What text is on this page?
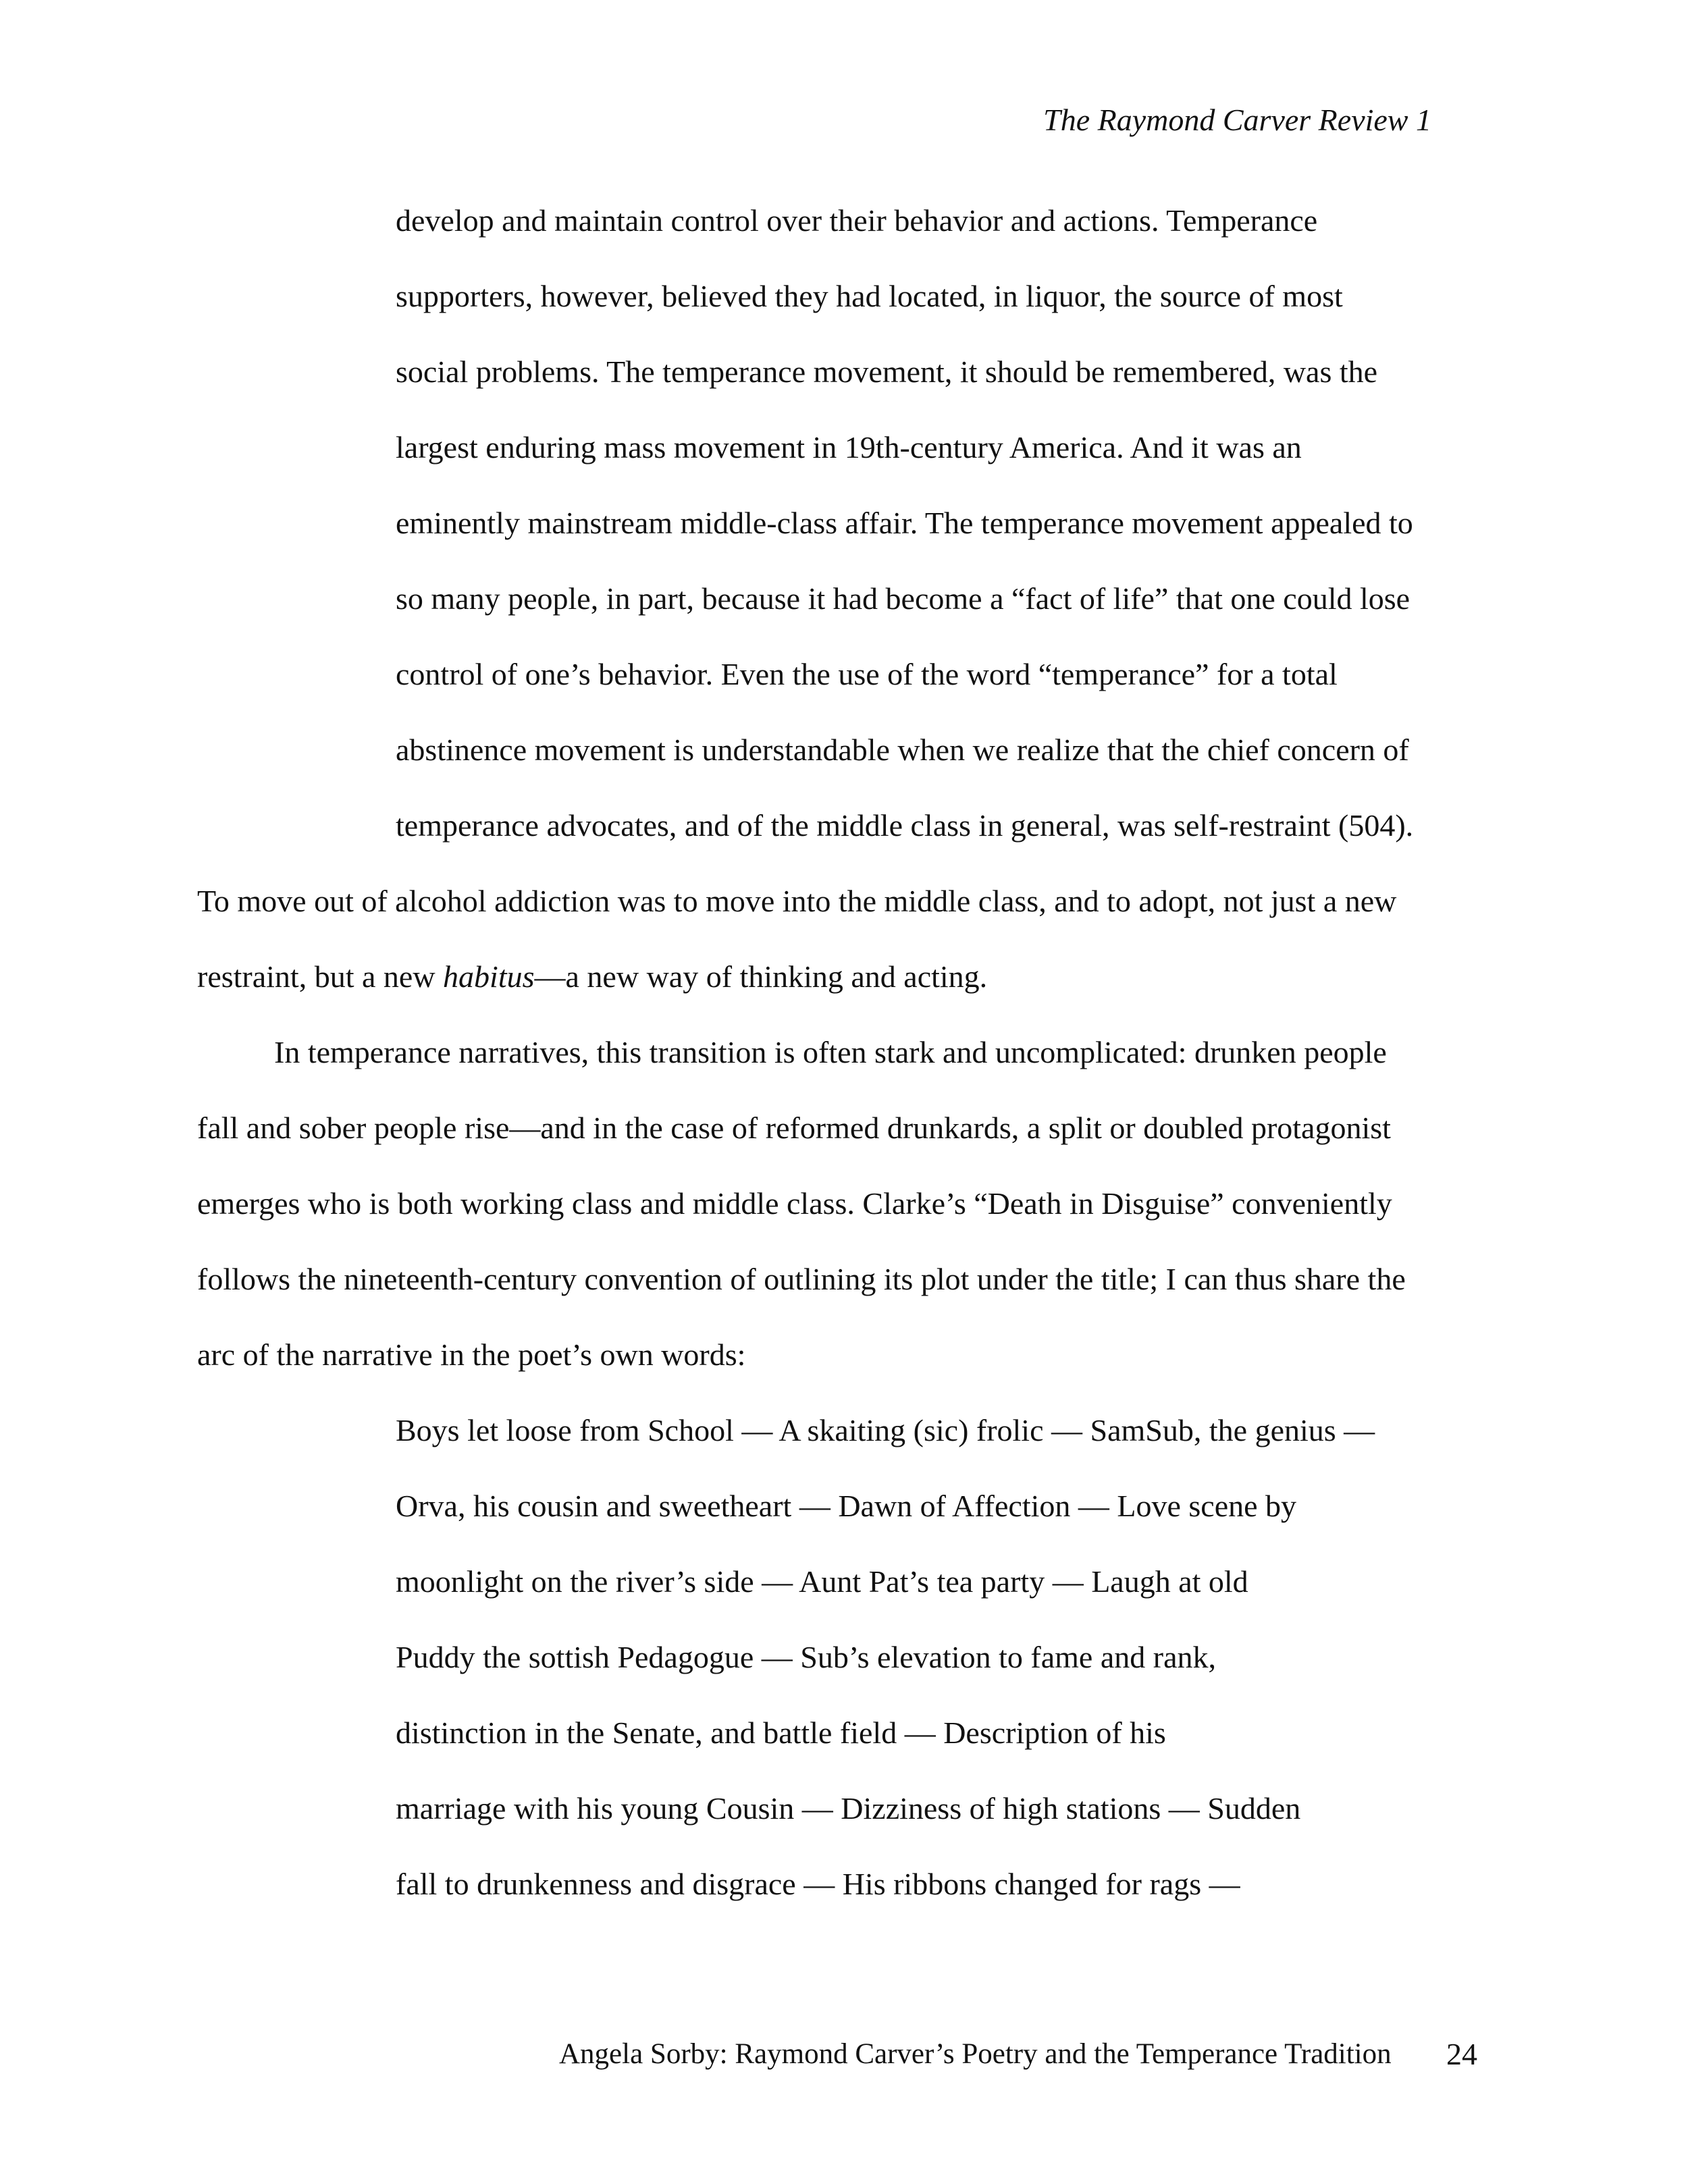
The Raymond Carver Review 1
develop and maintain control over their behavior and actions. Temperance
supporters, however, believed they had located, in liquor, the source of most
social problems. The temperance movement, it should be remembered, was the
largest enduring mass movement in 19th-century America. And it was an
eminently mainstream middle-class affair. The temperance movement appealed to
so many people, in part, because it had become a “fact of life” that one could lose
control of one’s behavior. Even the use of the word “temperance” for a total
abstinence movement is understandable when we realize that the chief concern of
temperance advocates, and of the middle class in general, was self-restraint (504).
To move out of alcohol addiction was to move into the middle class, and to adopt, not just a new
restraint, but a new habitus—a new way of thinking and acting.
In temperance narratives, this transition is often stark and uncomplicated: drunken people
fall and sober people rise—and in the case of reformed drunkards, a split or doubled protagonist
emerges who is both working class and middle class. Clarke’s “Death in Disguise” conveniently
follows the nineteenth-century convention of outlining its plot under the title; I can thus share the
arc of the narrative in the poet’s own words:
Boys let loose from School — A skaiting (sic) frolic — SamSub, the genius —
Orva, his cousin and sweetheart — Dawn of Affection — Love scene by
moonlight on the river’s side — Aunt Pat’s tea party — Laugh at old
Puddy the sottish Pedagogue — Sub’s elevation to fame and rank,
distinction in the Senate, and battle field — Description of his
marriage with his young Cousin — Dizziness of high stations — Sudden
fall to drunkenness and disgrace — His ribbons changed for rags —
Angela Sorby: Raymond Carver’s Poetry and the Temperance Tradition 24
